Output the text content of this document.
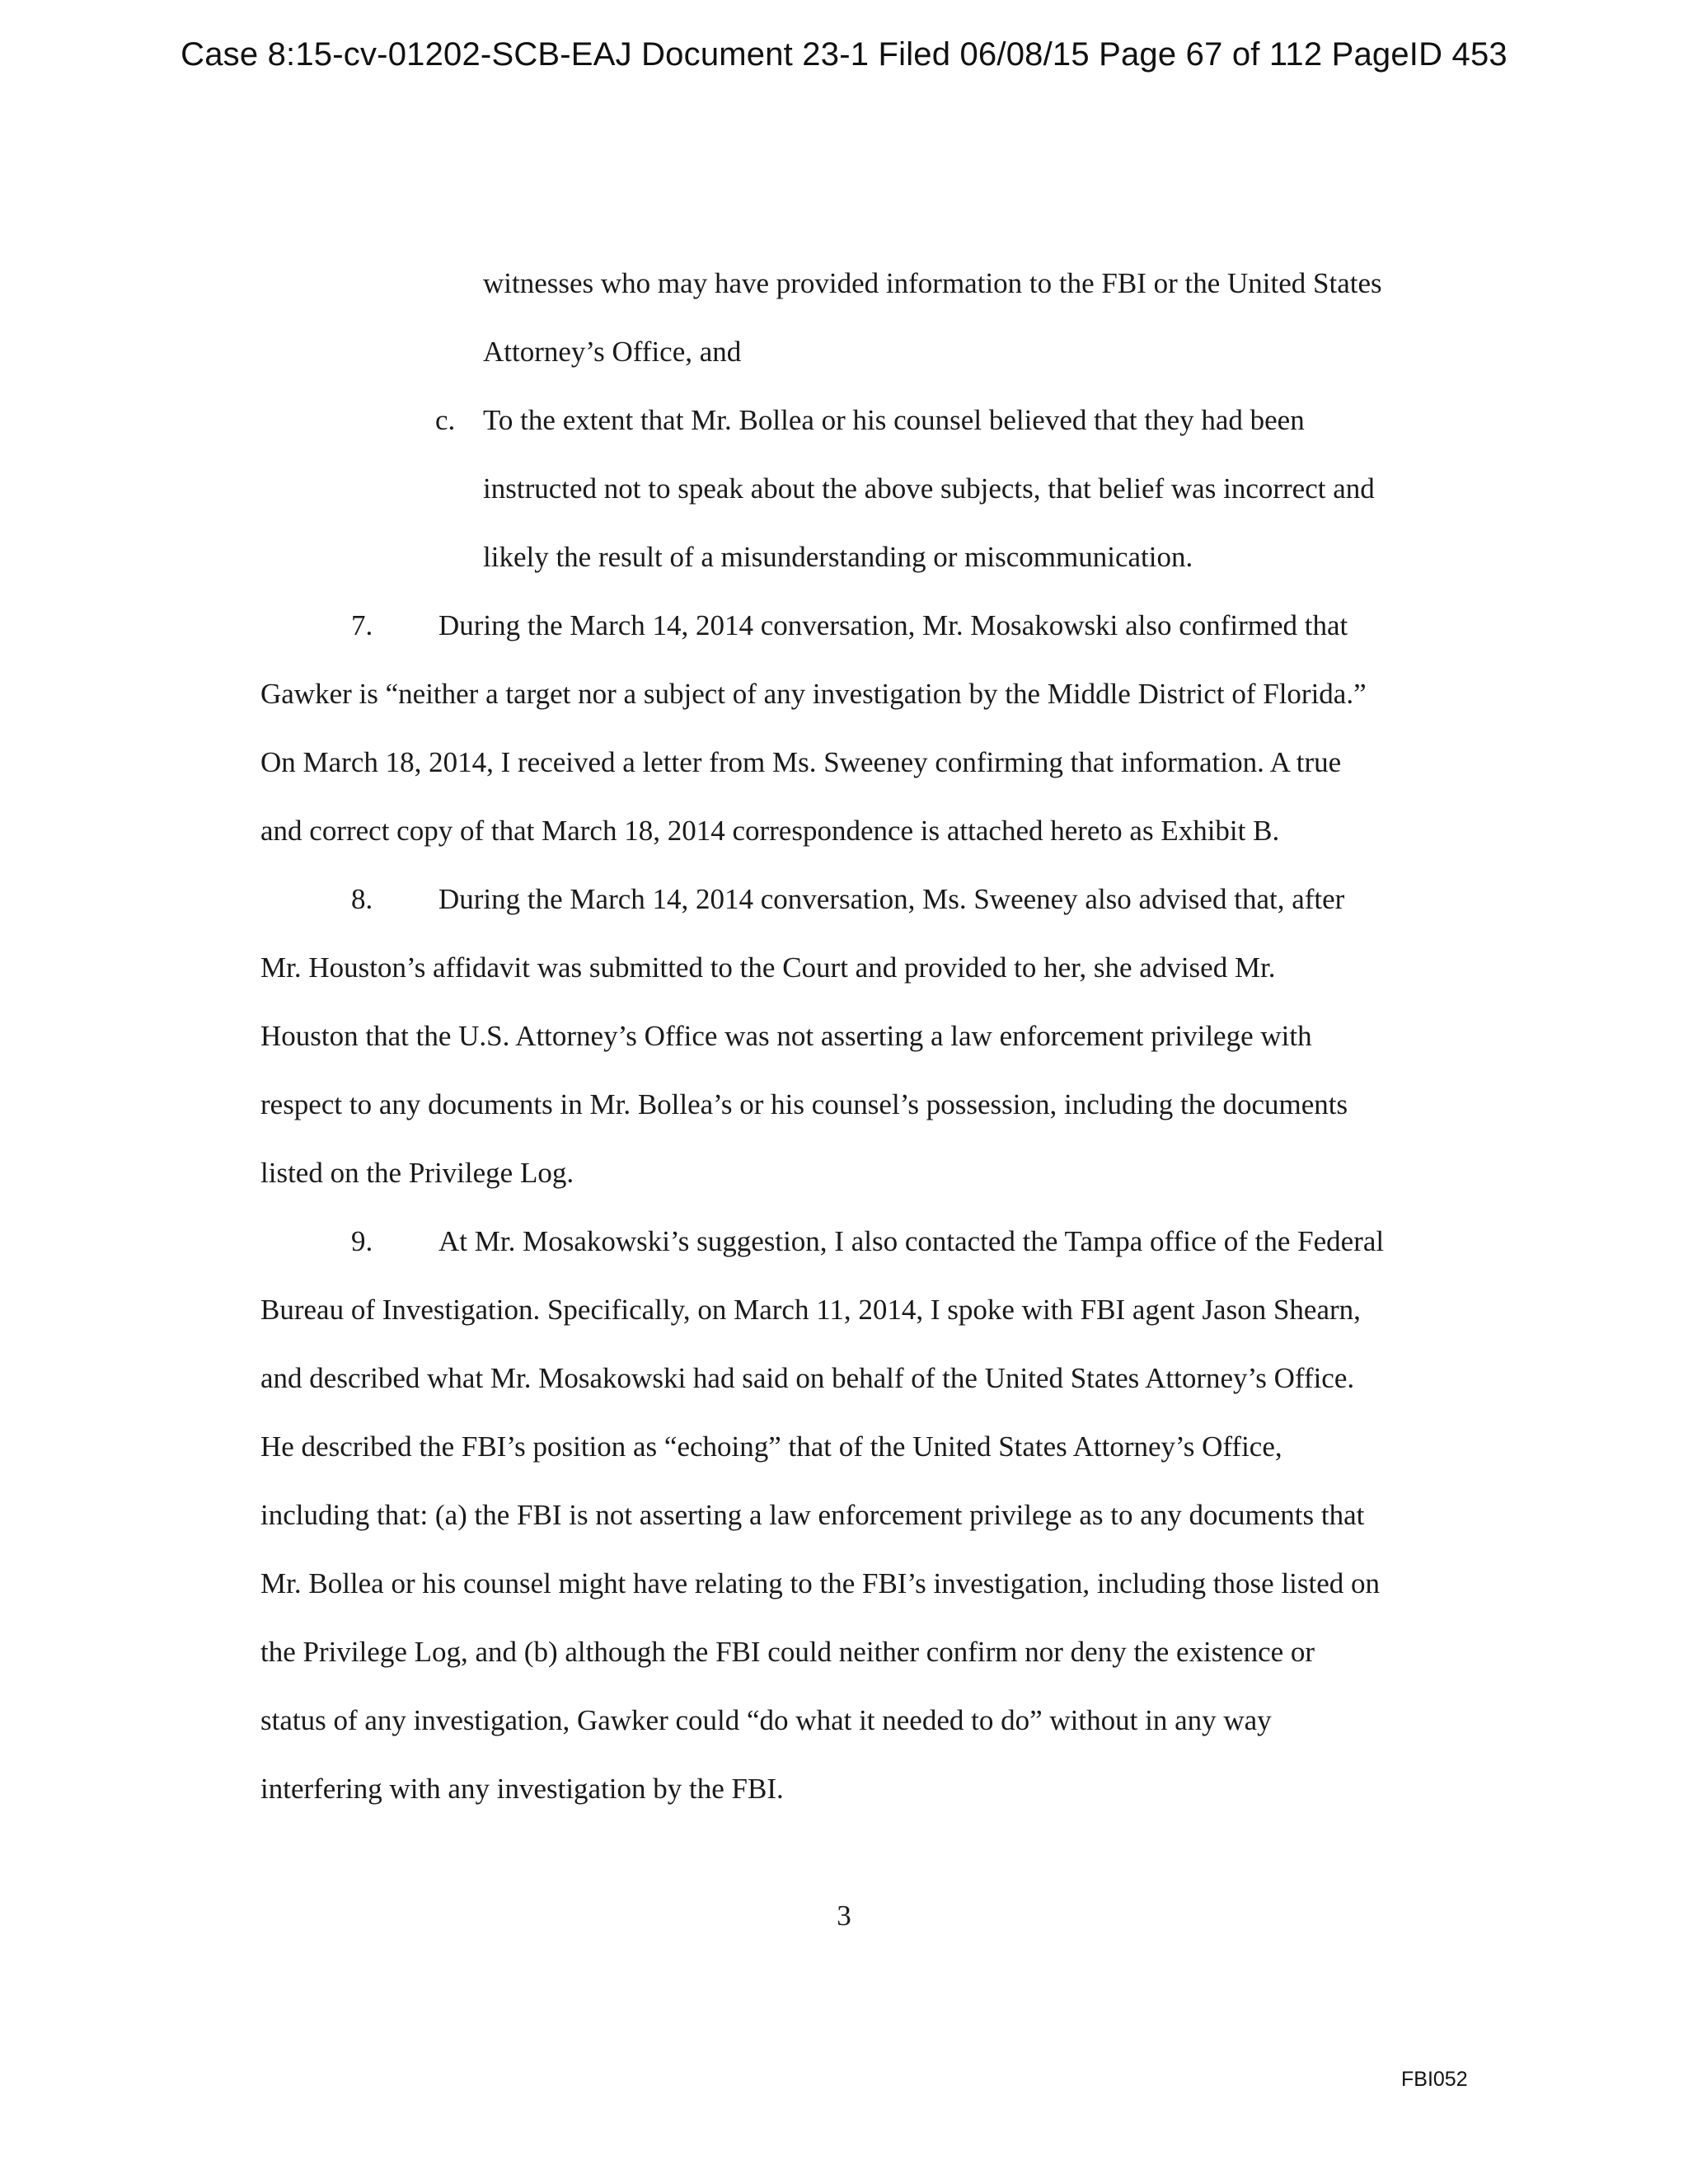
Case 8:15-cv-01202-SCB-EAJ Document 23-1 Filed 06/08/15 Page 67 of 112 PageID 453
witnesses who may have provided information to the FBI or the United States
Attorney’s Office, and
c. To the extent that Mr. Bollea or his counsel believed that they had been
instructed not to speak about the above subjects, that belief was incorrect and
likely the result of a misunderstanding or miscommunication.
7. During the March 14, 2014 conversation, Mr. Mosakowski also confirmed that
Gawker is “neither a target nor a subject of any investigation by the Middle District of Florida.”
On March 18, 2014, I received a letter from Ms. Sweeney confirming that information. A true
and correct copy of that March 18, 2014 correspondence is attached hereto as Exhibit B.
8. During the March 14, 2014 conversation, Ms. Sweeney also advised that, after
Mr. Houston’s affidavit was submitted to the Court and provided to her, she advised Mr.
Houston that the U.S. Attorney’s Office was not asserting a law enforcement privilege with
respect to any documents in Mr. Bollea’s or his counsel’s possession, including the documents
listed on the Privilege Log.
9. At Mr. Mosakowski’s suggestion, I also contacted the Tampa office of the Federal
Bureau of Investigation. Specifically, on March 11, 2014, I spoke with FBI agent Jason Shearn,
and described what Mr. Mosakowski had said on behalf of the United States Attorney’s Office.
He described the FBI’s position as “echoing” that of the United States Attorney’s Office,
including that: (a) the FBI is not asserting a law enforcement privilege as to any documents that
Mr. Bollea or his counsel might have relating to the FBI’s investigation, including those listed on
the Privilege Log, and (b) although the FBI could neither confirm nor deny the existence or
status of any investigation, Gawker could “do what it needed to do” without in any way
interfering with any investigation by the FBI.
3
FBI052
